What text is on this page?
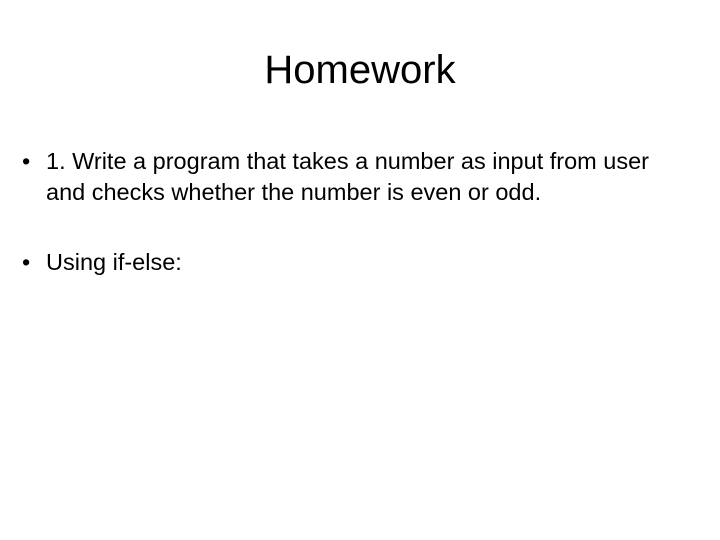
Homework
• 1. Write a program that takes a number as input from user and checks whether the number is even or odd.
• Using if-else:
